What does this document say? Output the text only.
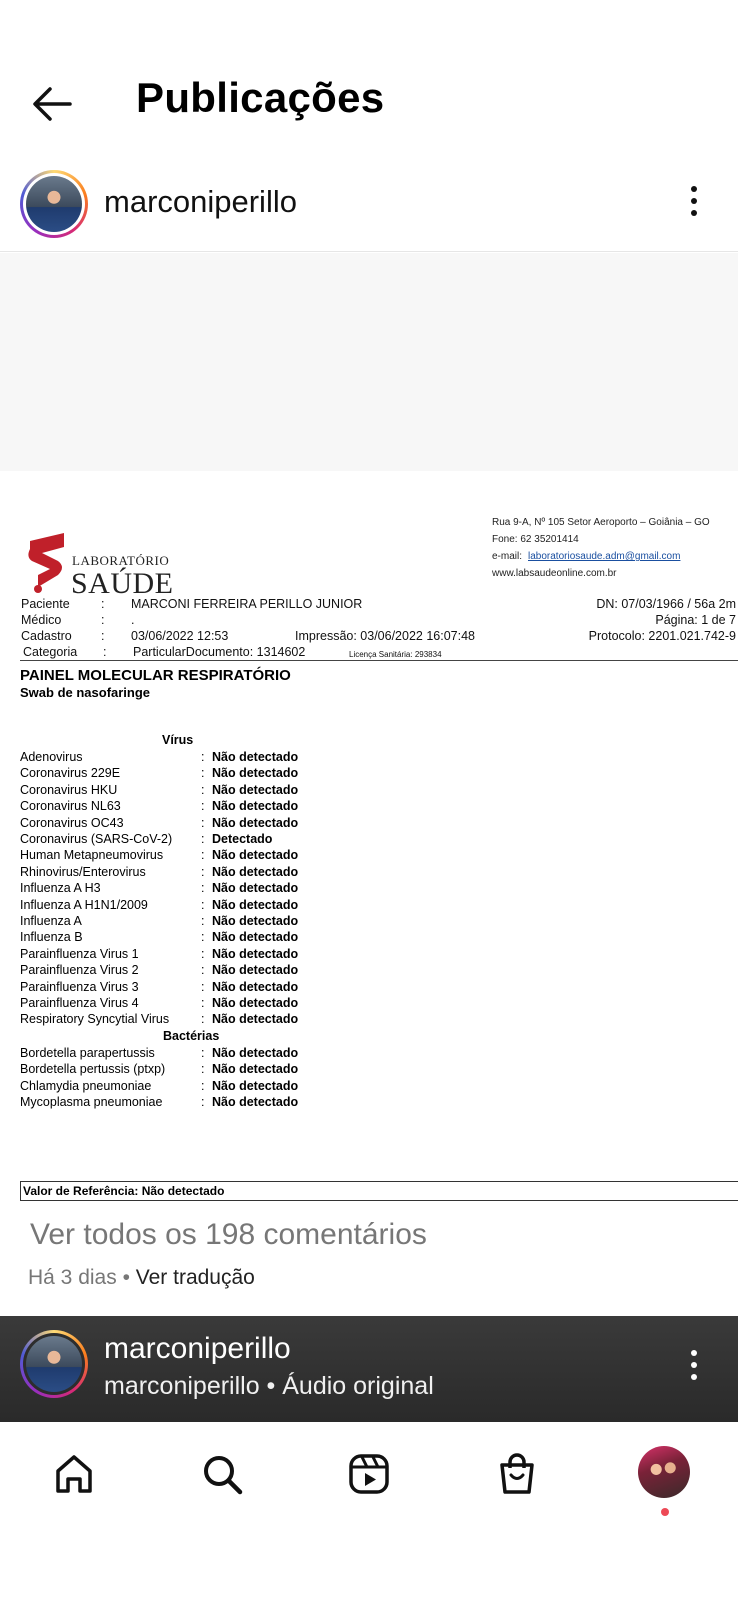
Publicações
marconiperillo
LABORATÓRIO
SAÚDE
Rua 9-A, Nº 105 Setor Aeroporto – Goiânia – GO
Fone: 62 35201414
e-mail: laboratoriosaude.adm@gmail.com
www.labsaudeonline.com.br
Paciente	: MARCONI FERREIRA PERILLO JUNIOR	DN: 07/03/1966 / 56a 2m
Médico	: .	Página: 1 de 7
Cadastro : 03/06/2022 12:53	Impressão: 03/06/2022 16:07:48	Protocolo: 2201.021.742-9
Categoria : ParticularDocumento: 1314602	Licença Sanitária: 293834
PAINEL MOLECULAR RESPIRATÓRIO
Swab de nasofaringe
Vírus
Adenovirus	: Não detectado
Coronavirus 229E	: Não detectado
Coronavirus HKU	: Não detectado
Coronavirus NL63	: Não detectado
Coronavirus OC43	: Não detectado
Coronavirus (SARS-CoV-2) : Detectado
Human Metapneumovirus	: Não detectado
Rhinovirus/Enterovirus	: Não detectado
Influenza A H3	: Não detectado
Influenza A H1N1/2009	: Não detectado
Influenza A	: Não detectado
Influenza B	: Não detectado
Parainfluenza Virus 1	: Não detectado
Parainfluenza Virus 2	: Não detectado
Parainfluenza Virus 3	: Não detectado
Parainfluenza Virus 4	: Não detectado
Respiratory Syncytial Virus	: Não detectado
Bactérias
Bordetella parapertussis	: Não detectado
Bordetella pertussis (ptxp)	: Não detectado
Chlamydia pneumoniae	: Não detectado
Mycoplasma pneumoniae	: Não detectado
Valor de Referência: Não detectado
Ver todos os 198 comentários
Há 3 dias • Ver tradução
marconiperillo
marconiperillo • Áudio original
